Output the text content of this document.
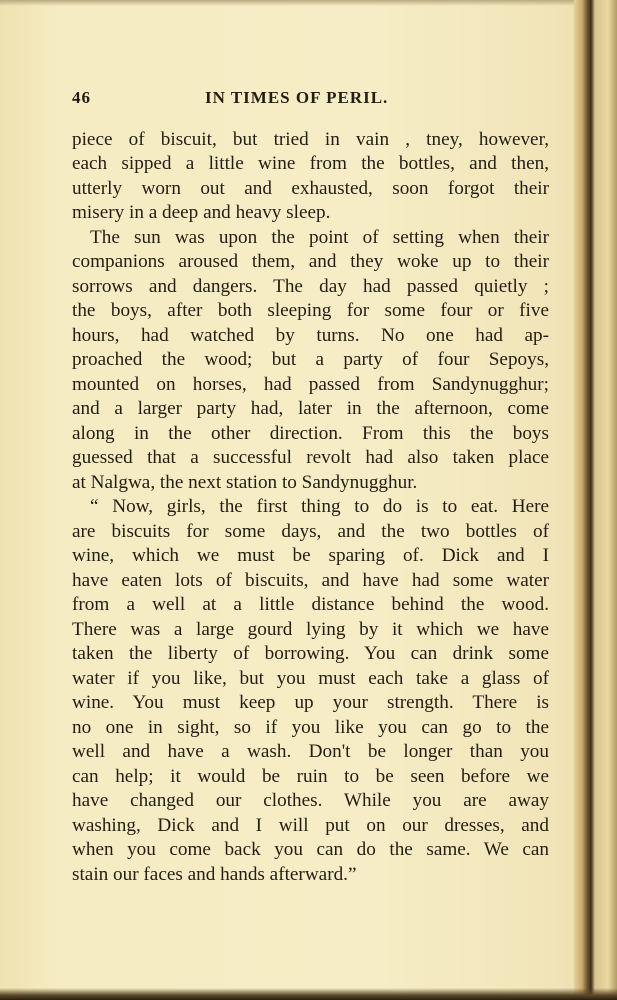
46	IN TIMES OF PERIL.
piece of biscuit, but tried in vain , tney, however,
each sipped a little wine from the bottles, and then,
utterly worn out and exhausted, soon forgot their
misery in a deep and heavy sleep.
The sun was upon the point of setting when their
companions aroused them, and they woke up to their
sorrows and dangers. The day had passed quietly ;
the boys, after both sleeping for some four or five
hours, had watched by turns. No one had ap-
proached the wood; but a party of four Sepoys,
mounted on horses, had passed from Sandynugghur;
and a larger party had, later in the afternoon, come
along in the other direction. From this the boys
guessed that a successful revolt had also taken place
at Nalgwa, the next station to Sandynugghur.
“ Now, girls, the first thing to do is to eat. Here
are biscuits for some days, and the two bottles of
wine, which we must be sparing of. Dick and I
have eaten lots of biscuits, and have had some water
from a well at a little distance behind the wood.
There was a large gourd lying by it which we have
taken the liberty of borrowing. You can drink some
water if you like, but you must each take a glass of
wine. You must keep up your strength. There is
no one in sight, so if you like you can go to the
well and have a wash. Don't be longer than you
can help; it would be ruin to be seen before we
have changed our clothes. While you are away
washing, Dick and I will put on our dresses, and
when you come back you can do the same. We can
stain our faces and hands afterward.”
